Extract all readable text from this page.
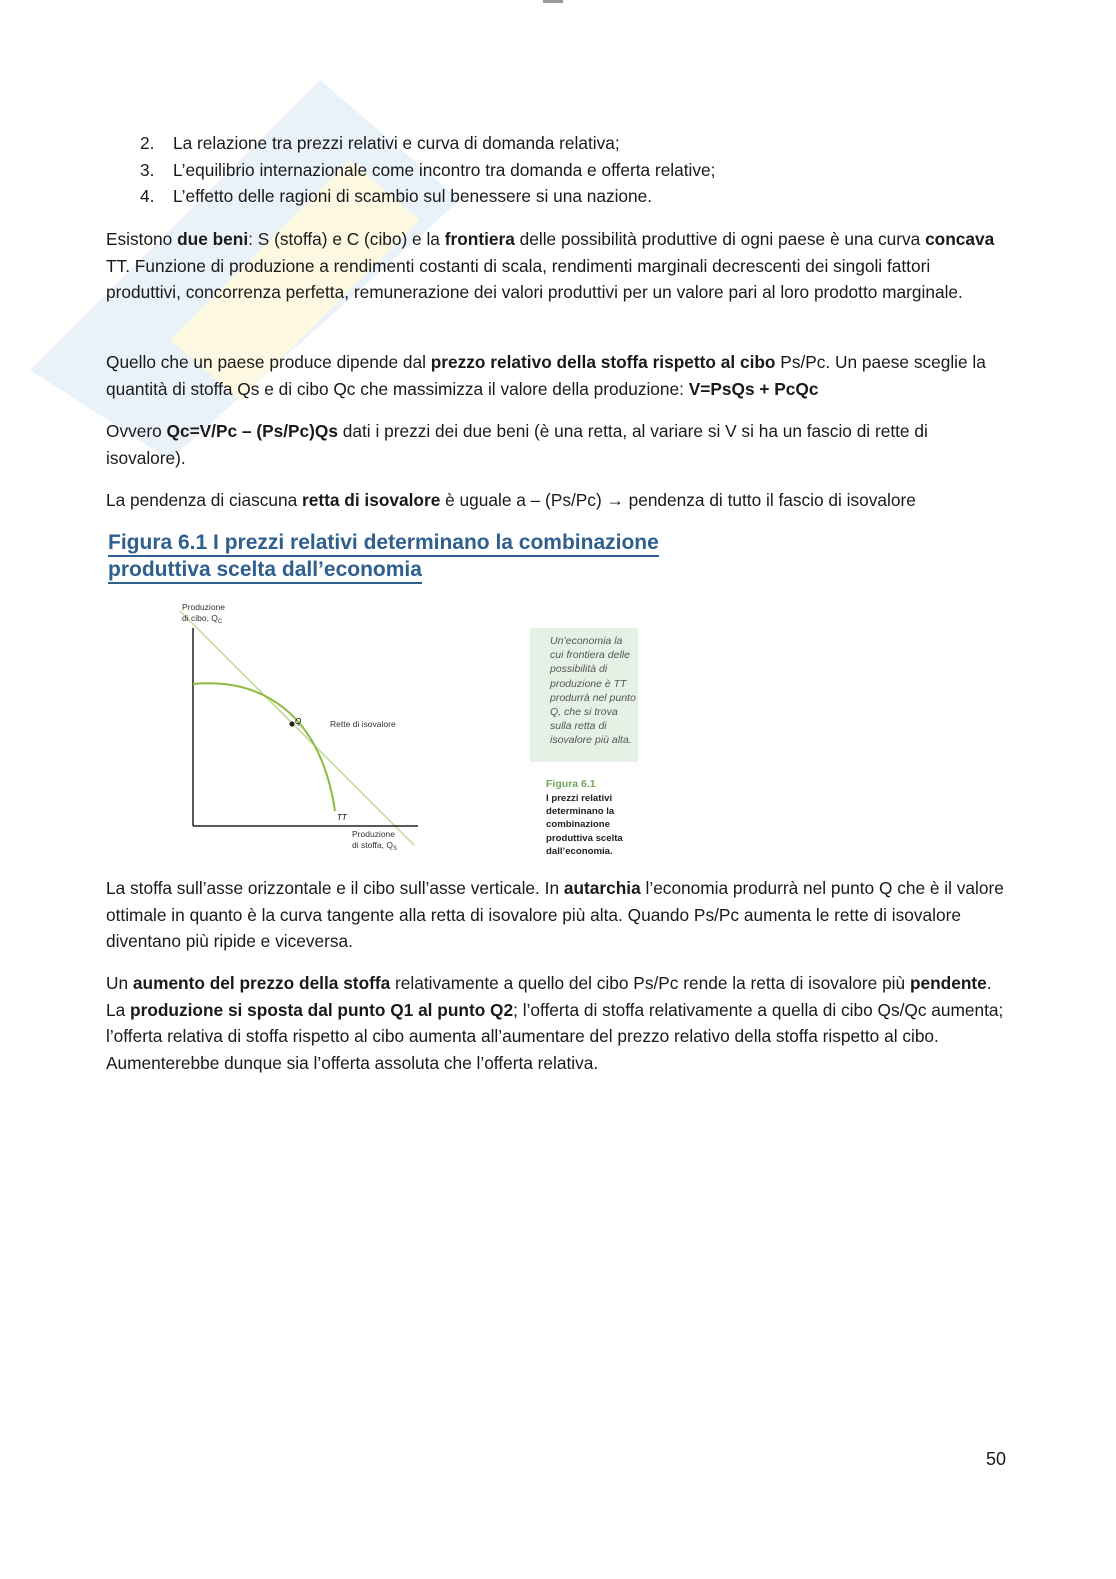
2.	La relazione tra prezzi relativi e curva di domanda relativa;
3.	L’equilibrio internazionale come incontro tra domanda e offerta relative;
4.	L’effetto delle ragioni di scambio sul benessere si una nazione.

Esistono due beni: S (stoffa) e C (cibo) e la frontiera delle possibilità produttive di ogni paese è una curva concava TT. Funzione di produzione a rendimenti costanti di scala, rendimenti marginali decrescenti dei singoli fattori produttivi, concorrenza perfetta, remunerazione dei valori produttivi per un valore pari al loro prodotto marginale.

Quello che un paese produce dipende dal prezzo relativo della stoffa rispetto al cibo Ps/Pc. Un paese sceglie la quantità di stoffa Qs e di cibo Qc che massimizza il valore della produzione: V=PsQs + PcQc

Ovvero Qc=V/Pc – (Ps/Pc)Qs dati i prezzi dei due beni (è una retta, al variare si V si ha un fascio di rette di isovalore).

La pendenza di ciascuna retta di isovalore è uguale a – (Ps/Pc) → pendenza di tutto il fascio di isovalore

Figura 6.1 I prezzi relativi determinano la combinazione
produttiva scelta dall’economia
Q	Rette di isovalore
TT
Produzione
di cibo, $Q_C$
Produzione
di stoffa, $Q_S$
Un’economia la cui frontiera delle possibilità di produzione è TT produrrà nel punto Q, che si trova sulla retta di isovalore più alta.
Figura 6.1
I prezzi relativi determinano la combinazione produttiva scelta dall’economia.

La stoffa sull’asse orizzontale e il cibo sull’asse verticale. In autarchia l’economia produrrà nel punto Q che è il valore ottimale in quanto è la curva tangente alla retta di isovalore più alta. Quando Ps/Pc aumenta le rette di isovalore diventano più ripide e viceversa.

Un aumento del prezzo della stoffa relativamente a quello del cibo Ps/Pc rende la retta di isovalore più pendente. La produzione si sposta dal punto Q1 al punto Q2; l’offerta di stoffa relativamente a quella di cibo Qs/Qc aumenta; l’offerta relativa di stoffa rispetto al cibo aumenta all’aumentare del prezzo relativo della stoffa rispetto al cibo. Aumenterebbe dunque sia l’offerta assoluta che l’offerta relativa.

50
